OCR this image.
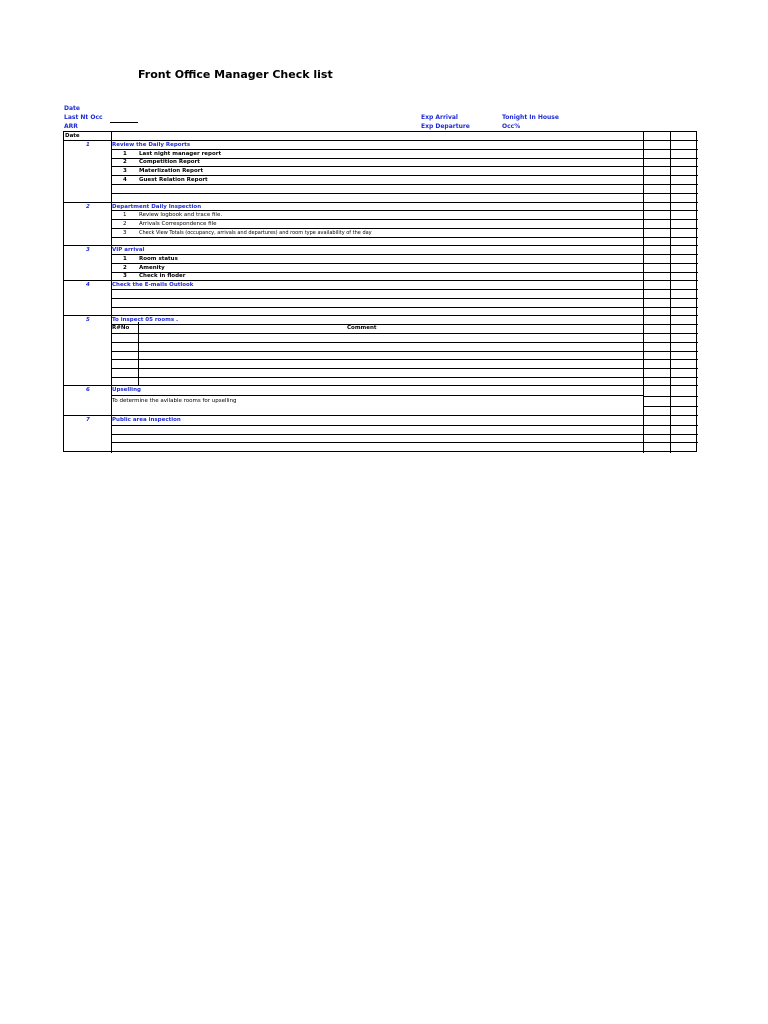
Front Office Manager Check list
Date
Last Nt Occ
ARR
Exp Arrival
Exp Departure
Tonight In House
Occ%
Date
1	Review the Daily Reports
1 Last night manager report
2 Competition Report
3 Materlization Report
4 Guest Relation Report
2	Department Daily Inspection
1 Review logbook and trace file.
2 Arrivals Correspondence file
3	Check View Totals (occupancy, arrivals and departures) and room type availability of the day
3	VIP arrival
1 Room status
2 Amenity
3 Check in floder
4	Check the E-mails Outlook
5	To inspect 05 rooms .
R#No	Comment
6	Upselling
To determine the avilable rooms for upselling
7	Public area inspection
